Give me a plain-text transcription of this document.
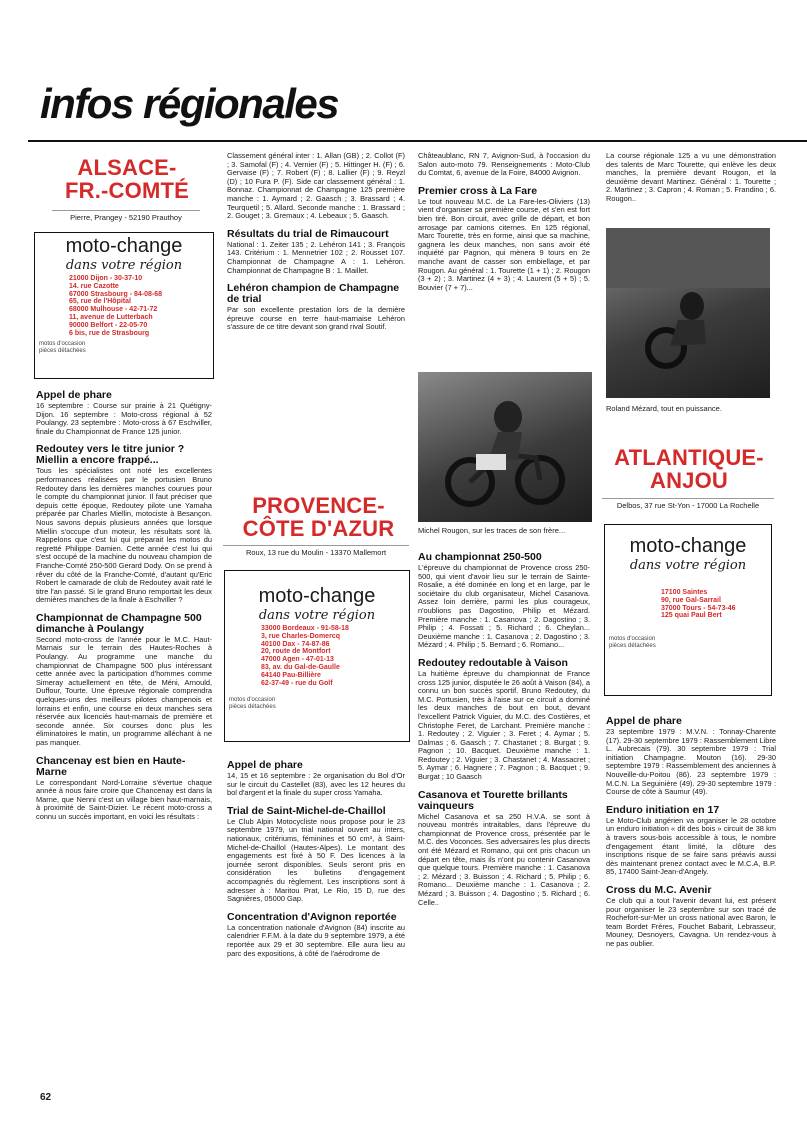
infos régionales
ALSACE-
FR.-COMTÉ
Pierre, Prangey - 52190 Prauthoy
moto-change
dans votre région
21000 Dijon - 30-37-10
14. rue Cazotte
67000 Strasbourg - 84-08-68
65, rue de l'Hôpital
68000 Mulhouse - 42-71-72
11, avenue de Lutterbach
90000 Belfort - 22-05-70
6 bis, rue de Strasbourg
motos d'occasion
pièces détachées
Appel de phare

16 septembre : Course sur prairie à 21 Quétigny-Dijon. 16 septembre : Moto-cross régional à 52 Poulangy. 23 septembre : Moto-cross à 67 Eschviller, finale du Championnat de France 125 junior.

Redoutey vers le titre junior ? Miellin a encore frappé...

Tous les spécialistes ont noté les excellentes performances réalisées par le portusien Bruno Redoutey dans les dernières manches courues pour le compte du championnat junior. Il faut préciser que depuis cette époque, Redoutey pilote une Yamaha préparée par Charles Miellin, motociste à Besançon. Nous savons depuis plusieurs années que lorsque Miellin s'occupe d'un moteur, les résultats sont là. Rappelons que c'est lui qui préparait les motos du regretté Philippe Damien. Cette année c'est lui qui s'est occupé de la machine du nouveau champion de Franche-Comté 250-500 Gerard Dody. On se prend à rêver du côté de la Franche-Comté, d'autant qu'Eric Robert le camarade de club de Redoutey avait raté le titre l'an passé. Si le grand Bruno remportait les deux dernières manches de la finale à Eschviller ?

Championnat de Champagne 500 dimanche à Poulangy

Second moto-cross de l'année pour le M.C. Haut-Marnais sur le terrain des Hautes-Roches à Poulangy. Au programme une manche du championnat de Champagne 500 plus intéressant cette année avec la participation d'hommes comme Simeray actuellement en tête, de Méni, Arnould, Duffour, Tourte. Une épreuve régionale comprendra quelques-uns des meilleurs pilotes champenois et lorrains et enfin, une course en deux manches sera réservée aux licenciés haut-marnais de première et seconde année. Six courses donc plus les éliminatoires le matin, un programme alléchant à ne pas manquer.

Chancenay est bien en Haute-Marne

Le correspondant Nord-Lorraine s'évertue chaque année à nous faire croire que Chancenay est dans la Marne, que Nenni c'est un village bien haut-marnais, à proximité de Saint-Dizier. Le récent moto-cross a connu un succès important, en voici les résultats :

Classement général inter : 1. Allan (GB) ; 2. Collot (F) ; 3. Samofal (F) ; 4. Vernier (F) ; 5. Hittinger H. (F) ; 6. Gervaise (F) ; 7. Robert (F) ; 8. Lallier (F) ; 9. Reyzl (D) ; 10 Fura P. (F). Side car classement général : 1. Bonnaz. Championnat de Champagne 125 première manche : 1. Aymard ; 2. Gaasch ; 3. Brassard ; 4. Teurquetil ; 5. Allard. Seconde manche : 1. Brassard ; 2. Gouget ; 3. Gremaux ; 4. Lebeaux ; 5. Gaasch.

Résultats du trial de Rimaucourt

National : 1. Zeiter 135 ; 2. Lehéron 141 ; 3. François 143. Critérium : 1. Mennetrier 102 ; 2. Rousset 107. Championnat de Champagne A : 1. Lehéron. Championnat de Champagne B : 1. Maillet.

Lehéron champion de Champagne de trial

Par son excellente prestation lors de la dernière épreuve course en terre haut-marnaise Lehéron s'assure de ce titre devant son grand rival Soutif.

PROVENCE-
CÔTE D'AZUR
Roux, 13 rue du Moulin - 13370 Mallemort
moto-change
dans votre région
33000 Bordeaux - 91-58-18
3, rue Charles-Domercq
40100 Dax - 74-87-86
20, route de Montfort
47000 Agen - 47-01-13
83, av. du Gal-de-Gaulle
64140 Pau-Billière
62-37-49 - rue du Golf
motos d'occasion
pièces détachées
Appel de phare

14, 15 et 16 septembre : 2e organisation du Bol d'Or sur le circuit du Castellet (83), avec les 12 heures du bol d'argent et la finale du super cross Yamaha.

Trial de Saint-Michel-de-Chaillol

Le Club Alpin Motocycliste nous propose pour le 23 septembre 1979, un trial national ouvert au inters, nationaux, critériums, féminines et 50 cm³, à Saint-Michel-de-Chaillol (Hautes-Alpes). Le montant des engagements est fixé à 50 F. Des licences à la journée seront disponibles. Seuls seront pris en considération les bulletins d'engagement accompagnés du règlement. Les inscriptions sont à adresser à : Maritou Prat, Le Rio, 15 D, rue des Sagnières, 05000 Gap.

Concentration d'Avignon reportée

La concentration nationale d'Avignon (84) inscrite au calendrier F.F.M. à la date du 9 septembre 1979, a été reportée aux 29 et 30 septembre. Elle aura lieu au parc des expositions, à côté de l'aérodrome de

Châteaublanc, RN 7, Avignon-Sud, à l'occasion du Salon auto-moto 79. Renseignements : Moto-Club du Comtat, 6, avenue de la Foire, 84000 Avignon.

Premier cross à La Fare

Le tout nouveau M.C. de La Fare-les-Oliviers (13) vient d'organiser sa première course, et s'en est fort bien tiré. Bon circuit, avec grille de départ, et bon arrosage par camions citernes. En 125 régional, Marc Tourette, très en forme, ainsi que sa machine, gagnera les deux manches, non sans avoir été inquiété par Pagnon, qui mènera 9 tours en 2e manche avant de casser son embiellage, et par Rougon. Au général : 1. Tourette (1 + 1) ; 2. Rougon (3 + 2) ; 3. Martinez (4 + 3) ; 4. Laurent (5 + 5) ; 5. Bouvier (7 + 7)...

Michel Rougon, sur les traces de son frère...
Au championnat 250-500

L'épreuve du championnat de Provence cross 250-500, qui vient d'avoir lieu sur le terrain de Sainte-Rosalie, a été dominée en long et en large, par le sociétaire du club organisateur, Michel Casanova. Assez loin derrière, parmi les plus courageux, n'oublions pas Dagostino, Philip et Mézard. Première manche : 1. Casanova ; 2. Dagostino ; 3. Philip ; 4. Fossati ; 5. Richard ; 6. Cheylan... Deuxième manche : 1. Casanova ; 2. Dagostino ; 3. Mézard ; 4. Philip ; 5. Bernard ; 6. Romano...

Redoutey redoutable à Vaison

La huitième épreuve du championnat de France cross 125 junior, disputée le 26 août à Vaison (84), a connu un bon succès sportif. Bruno Redoutey, du M.C. Portusien, très à l'aise sur ce circuit a dominé les deux manches de bout en bout, devant l'excellent Patrick Viguier, du M.C. des Costières, et Christophe Feret, de Larchant. Première manche : 1. Redoutey ; 2. Viguier ; 3. Feret ; 4. Aymar ; 5. Dalmas ; 6. Gaasch ; 7. Chastanet ; 8. Burgat ; 9. Pagnon ; 10. Bacquet. Deuxième manche : 1. Redoutey ; 2. Viguier ; 3. Chastanet ; 4. Massacret ; 5. Aymar ; 6. Hagnere ; 7. Pagnon ; 8. Bacquet ; 9. Burgat ; 10 Gaasch

Casanova et Tourette brillants vainqueurs

Michel Casanova et sa 250 H.V.A. se sont à nouveau montrés intraitables, dans l'épreuve du championnat de Provence cross, présentée par le M.C. des Voconces. Ses adversaires les plus directs ont été Mézard et Romano, qui ont pris chacun un départ en tête, mais ils n'ont pu contenir Casanova que quelque tours. Première manche : 1. Casanova ; 2. Mézard ; 3. Buisson ; 4. Richard ; 5. Philip ; 6. Romano... Deuxième manche : 1. Casanova ; 2. Mézard ; 3. Buisson ; 4. Dagostino ; 5. Richard ; 6. Celle..

La course régionale 125 a vu une démonstration des talents de Marc Tourette, qui enlève les deux manches, la première devant Rougon, et la deuxième devant Martinez. Général : 1. Tourette ; 2. Martinez ; 3. Capron ; 4. Roman ; 5. Frandino ; 6. Rougon..

Roland Mézard, tout en puissance.
ATLANTIQUE-
ANJOU
Delbos, 37 rue St-Yon - 17000 La Rochelle
moto-change
dans votre région
17100 Saintes
90, rue Gal-Sarrail
37000 Tours - 54-73-46
125 quai Paul Bert
motos d'occasion
pièces détachées
Appel de phare

23 septembre 1979 : M.V.N. : Tonnay-Charente (17). 29-30 septembre 1979 : Rassemblement Libre L. Aubrecais (79). 30 septembre 1979 : Trial initiation Champagne. Mouton (16). 29-30 septembre 1979 : Rassemblement des anciennes à Nouveille-du-Poitou (86). 23 septembre 1979 : M.C.N. La Seguinière (49). 29-30 septembre 1979 : Course de côte à Saumur (49).

Enduro initiation en 17

Le Moto-Club angérien va organiser le 28 octobre un enduro initiation « dit des bois » circuit de 38 km à travers sous-bois accessible à tous, le nombre d'engagement étant limité, la clôture des inscriptions risque de se faire sans préavis aussi dès maintenant prenez contact avec le M.C.A, B.P. 85, 17400 Saint-Jean-d'Angely.

Cross du M.C. Avenir

Ce club qui a tout l'avenir devant lui, est présent pour organiser le 23 septembre sur son tracé de Rochefort-sur-Mer un cross national avec Baron, le team Bordet Frères, Fouchet Babarit, Lebrasseur, Mouney, Desnoyers, Cavagna. Un rendez-vous à ne pas oublier.

62
